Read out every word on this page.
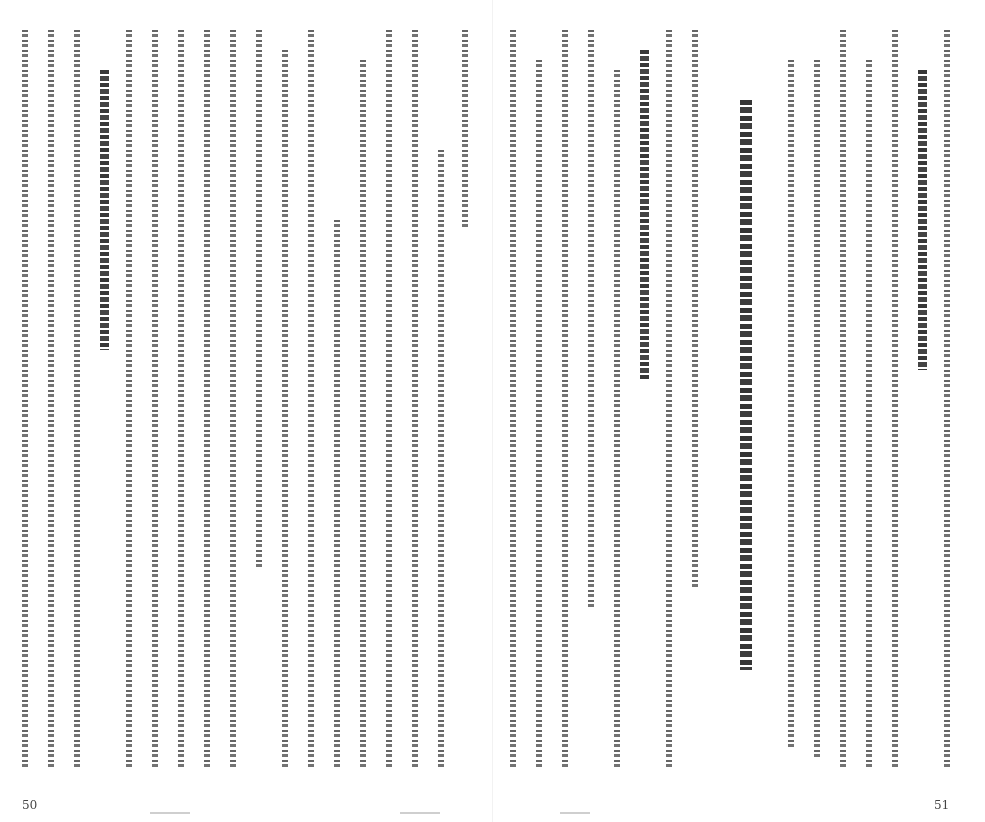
50	51
